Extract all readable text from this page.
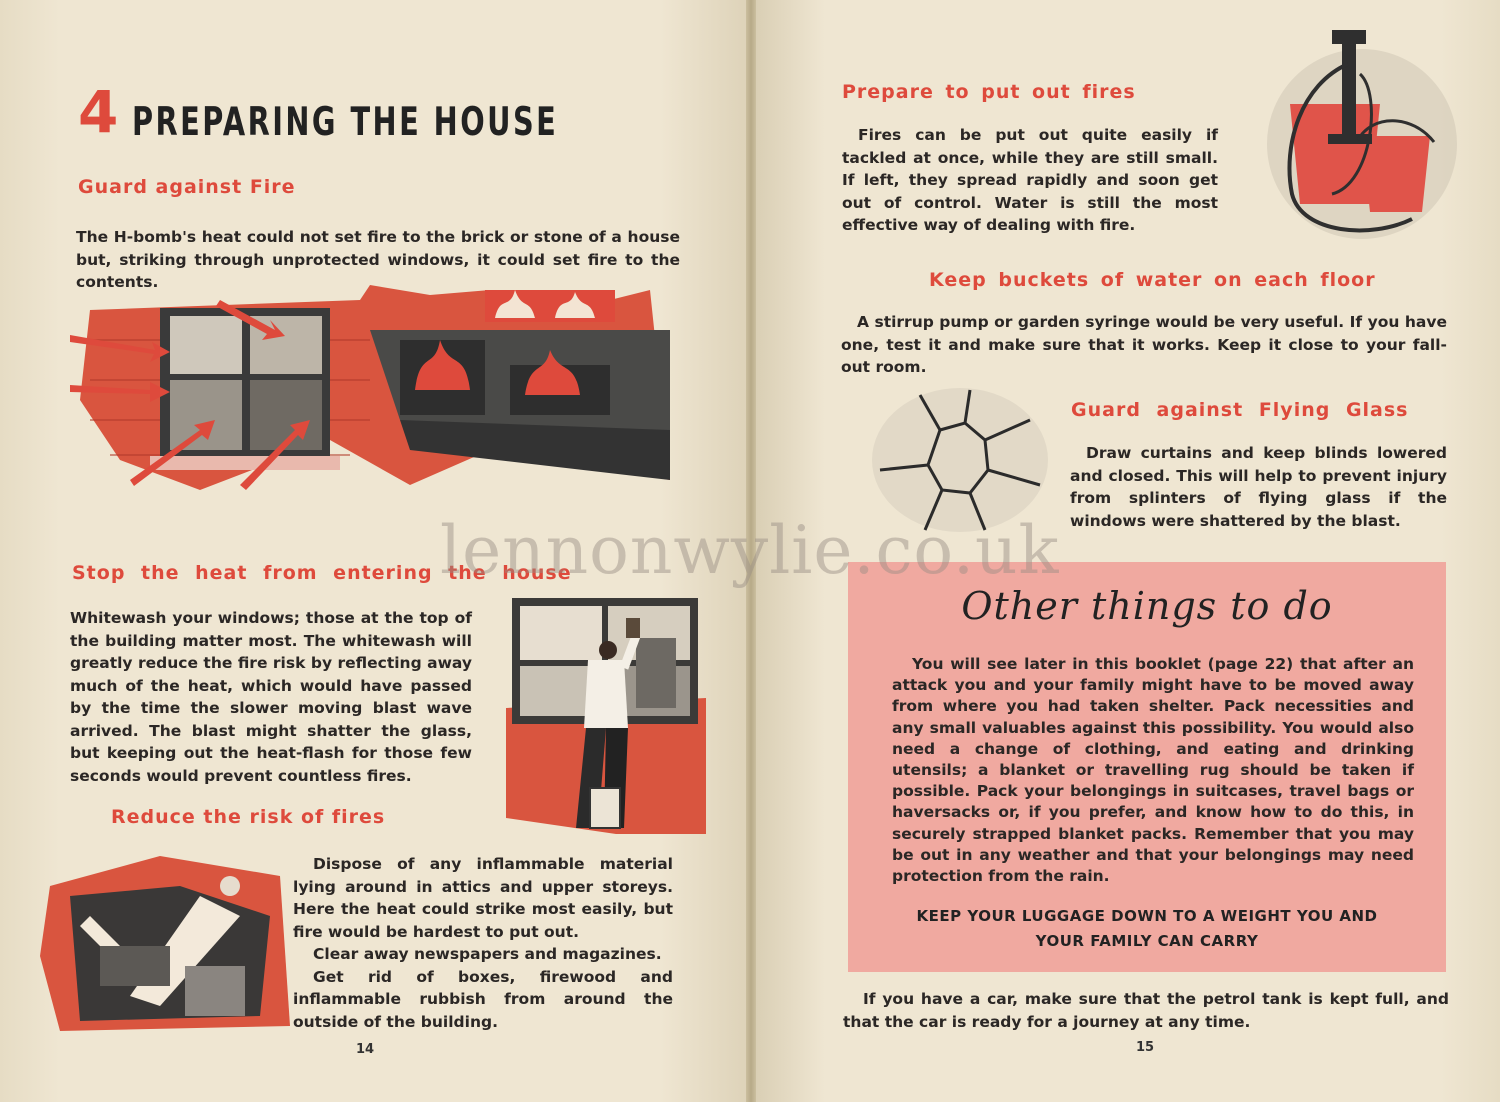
4 PREPARING THE HOUSE
Guard against Fire

The H-bomb's heat could not set fire to the brick or stone of a house but, striking through unprotected windows, it could set fire to the contents.

Stop the heat from entering the house

Whitewash your windows; those at the top of the building matter most. The whitewash will greatly reduce the fire risk by reflecting away much of the heat, which would have passed by the time the slower moving blast wave arrived. The blast might shatter the glass, but keeping out the heat-flash for those few seconds would prevent countless fires.

Reduce the risk of fires

Dispose of any inflammable material lying around in attics and upper storeys. Here the heat could strike most easily, but fire would be hardest to put out.

Clear away newspapers and magazines.

Get rid of boxes, firewood and inflammable rubbish from around the outside of the building.

14
Prepare to put out fires

Fires can be put out quite easily if tackled at once, while they are still small. If left, they spread rapidly and soon get out of control. Water is still the most effective way of dealing with fire.

Keep buckets of water on each floor

A stirrup pump or garden syringe would be very useful. If you have one, test it and make sure that it works. Keep it close to your fall-out room.

Guard against Flying Glass

Draw curtains and keep blinds lowered and closed. This will help to prevent injury from splinters of flying glass if the windows were shattered by the blast.

Other things to do

You will see later in this booklet (page 22) that after an attack you and your family might have to be moved away from where you had taken shelter. Pack necessities and any small valuables against this possibility. You would also need a change of clothing, and eating and drinking utensils; a blanket or travelling rug should be taken if possible. Pack your belongings in suitcases, travel bags or haversacks or, if you prefer, and know how to do this, in securely strapped blanket packs. Remember that you may be out in any weather and that your belongings may need protection from the rain.

KEEP YOUR LUGGAGE DOWN TO A WEIGHT YOU AND
YOUR FAMILY CAN CARRY

If you have a car, make sure that the petrol tank is kept full, and that the car is ready for a journey at any time.

15
lennonwylie.co.uk
